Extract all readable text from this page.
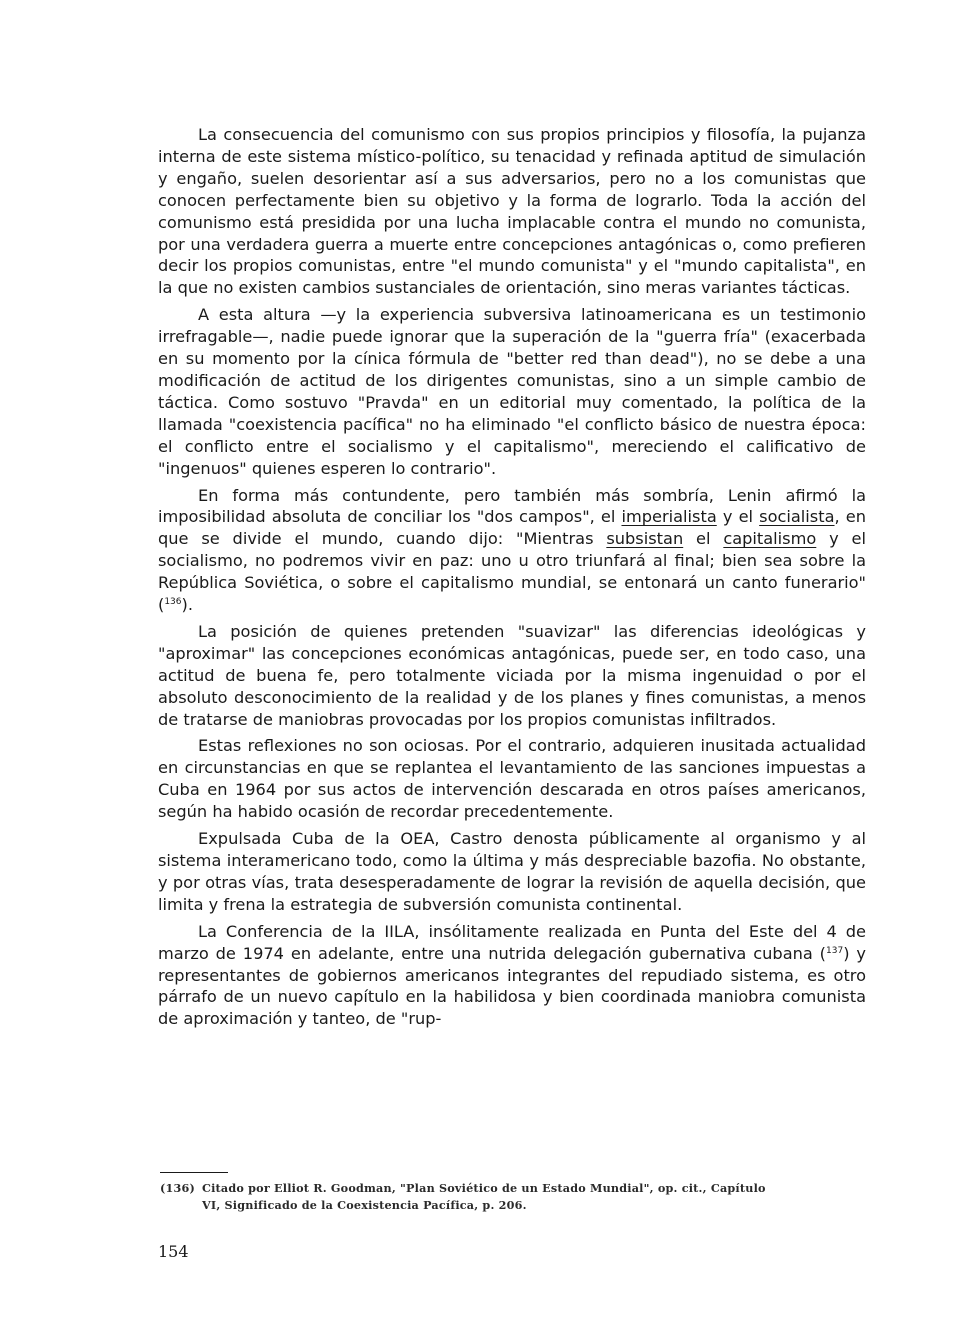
La consecuencia del comunismo con sus propios principios y filosofía, la pujanza interna de este sistema místico-político, su tenacidad y refinada aptitud de simulación y engaño, suelen desorientar así a sus adversarios, pero no a los comunistas que conocen perfectamente bien su objetivo y la forma de lograrlo. Toda la acción del comunismo está presidida por una lucha implacable contra el mundo no comunista, por una verdadera guerra a muerte entre concepciones antagónicas o, como prefieren decir los propios comunistas, entre "el mundo comunista" y el "mundo capitalista", en la que no existen cambios sustanciales de orientación, sino meras variantes tácticas.

A esta altura —y la experiencia subversiva latinoamericana es un testimonio irrefragable—, nadie puede ignorar que la superación de la "guerra fría" (exacerbada en su momento por la cínica fórmula de "better red than dead"), no se debe a una modificación de actitud de los dirigentes comunistas, sino a un simple cambio de táctica. Como sostuvo "Pravda" en un editorial muy comentado, la política de la llamada "coexistencia pacífica" no ha eliminado "el conflicto básico de nuestra época: el conflicto entre el socialismo y el capitalismo", mereciendo el calificativo de "ingenuos" quienes esperen lo contrario".

En forma más contundente, pero también más sombría, Lenin afirmó la imposibilidad absoluta de conciliar los "dos campos", el imperialista y el socialista, en que se divide el mundo, cuando dijo: "Mientras subsistan el capitalismo y el socialismo, no podremos vivir en paz: uno u otro triunfará al final; bien sea sobre la República Soviética, o sobre el capitalismo mundial, se entonará un canto funerario" ($^{136}$).

La posición de quienes pretenden "suavizar" las diferencias ideológicas y "aproximar" las concepciones económicas antagónicas, puede ser, en todo caso, una actitud de buena fe, pero totalmente viciada por la misma ingenuidad o por el absoluto desconocimiento de la realidad y de los planes y fines comunistas, a menos de tratarse de maniobras provocadas por los propios comunistas infiltrados.

Estas reflexiones no son ociosas. Por el contrario, adquieren inusitada actualidad en circunstancias en que se replantea el levantamiento de las sanciones impuestas a Cuba en 1964 por sus actos de intervención descarada en otros países americanos, según ha habido ocasión de recordar precedentemente.

Expulsada Cuba de la OEA, Castro denosta públicamente al organismo y al sistema interamericano todo, como la última y más despreciable bazofia. No obstante, y por otras vías, trata desesperadamente de lograr la revisión de aquella decisión, que limita y frena la estrategia de subversión comunista continental.

La Conferencia de la IILA, insólitamente realizada en Punta del Este del 4 de marzo de 1974 en adelante, entre una nutrida delegación gubernativa cubana ($^{137}$) y representantes de gobiernos americanos integrantes del repudiado sistema, es otro párrafo de un nuevo capítulo en la habilidosa y bien coordinada maniobra comunista de aproximación y tanteo, de "rup-

(136) Citado por Elliot R. Goodman, "Plan Soviético de un Estado Mundial", op. cit., Capítulo
VI, Significado de la Coexistencia Pacífica, p. 206.
154
